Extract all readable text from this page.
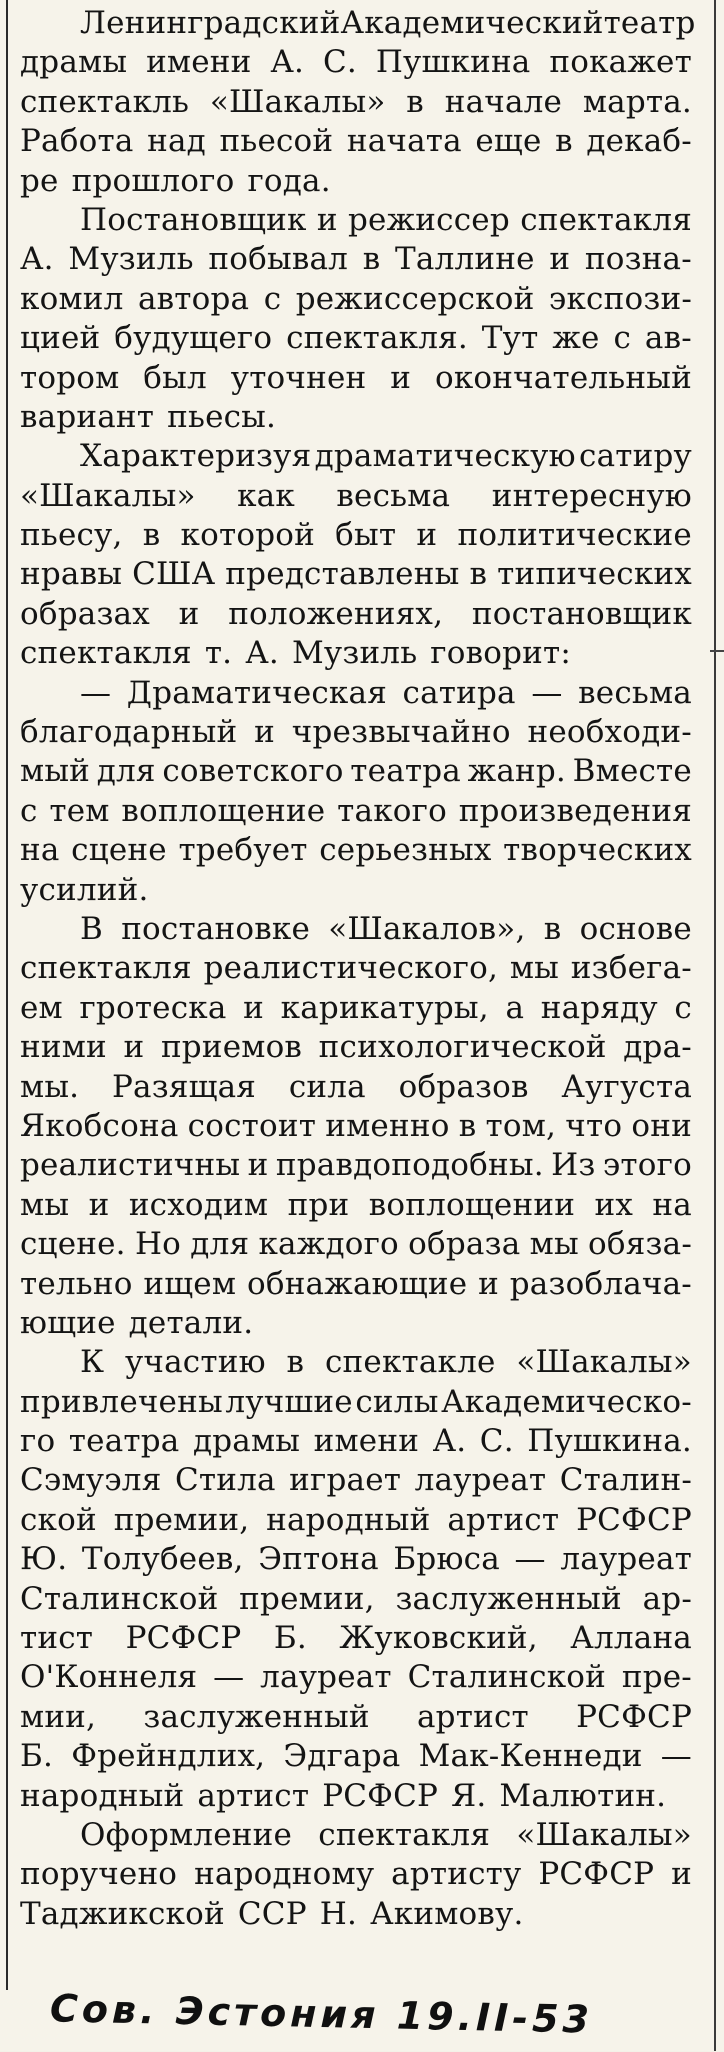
Ленинградский Академический театр
драмы имени А. С. Пушкина покажет
спектакль «Шакалы» в начале марта.
Работа над пьесой начата еще в декаб-
ре прошлого года.
Постановщик и режиссер спектакля
А. Музиль побывал в Таллине и позна-
комил автора с режиссерской экспози-
цией будущего спектакля. Тут же с ав-
тором был уточнен и окончательный
вариант пьесы.
Характеризуя драматическую сатиру
«Шакалы» как весьма интересную
пьесу, в которой быт и политические
нравы США представлены в типических
образах и положениях, постановщик
спектакля т. А. Музиль говорит:
— Драматическая сатира — весьма
благодарный и чрезвычайно необходи-
мый для советского театра жанр. Вместе
с тем воплощение такого произведения
на сцене требует серьезных творческих
усилий.
В постановке «Шакалов», в основе
спектакля реалистического, мы избега-
ем гротеска и карикатуры, а наряду с
ними и приемов психологической дра-
мы. Разящая сила образов Аугуста
Якобсона состоит именно в том, что они
реалистичны и правдоподобны. Из этого
мы и исходим при воплощении их на
сцене. Но для каждого образа мы обяза-
тельно ищем обнажающие и разоблача-
ющие детали.
К участию в спектакле «Шакалы»
привлечены лучшие силы Академическо-
го театра драмы имени А. С. Пушкина.
Сэмуэля Стила играет лауреат Сталин-
ской премии, народный артист РСФСР
Ю. Толубеев, Эптона Брюса — лауреат
Сталинской премии, заслуженный ар-
тист РСФСР Б. Жуковский, Аллана
О'Коннеля — лауреат Сталинской пре-
мии, заслуженный артист РСФСР
Б. Фрейндлих, Эдгара Мак-Кеннеди —
народный артист РСФСР Я. Малютин.
Оформление спектакля «Шакалы»
поручено народному артисту РСФСР и
Таджикской ССР Н. Акимову.
Сов. Эстония 19.II-53
